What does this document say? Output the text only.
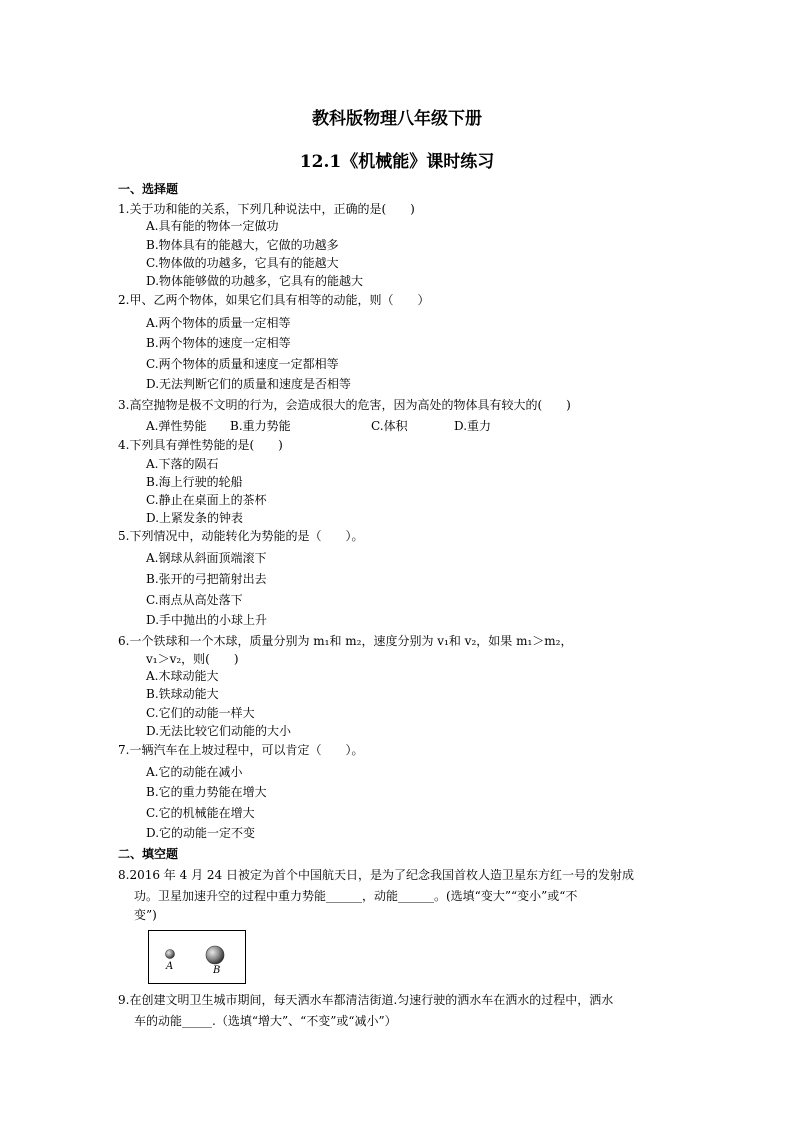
教科版物理八年级下册
12.1《机械能》课时练习
一、选择题
1.关于功和能的关系，下列几种说法中，正确的是(　　)
A.具有能的物体一定做功
B.物体具有的能越大，它做的功越多
C.物体做的功越多，它具有的能越大
D.物体能够做的功越多，它具有的能越大
2.甲、乙两个物体，如果它们具有相等的动能，则（　　）
A.两个物体的质量一定相等
B.两个物体的速度一定相等
C.两个物体的质量和速度一定都相等
D.无法判断它们的质量和速度是否相等
3.高空抛物是极不文明的行为，会造成很大的危害，因为高处的物体具有较大的(　　)
A.弹性势能 B.重力势能	C.体积	D.重力
4.下列具有弹性势能的是(　　)
A.下落的陨石
B.海上行驶的轮船
C.静止在桌面上的茶杯
D.上紧发条的钟表
5.下列情况中，动能转化为势能的是（　　）。
A.钢球从斜面顶端滚下
B.张开的弓把箭射出去
C.雨点从高处落下
D.手中抛出的小球上升
6.一个铁球和一个木球，质量分别为 m₁和 m₂，速度分别为 v₁和 v₂，如果 m₁＞m₂，
v₁＞v₂，则(　　)
A.木球动能大
B.铁球动能大
C.它们的动能一样大
D.无法比较它们动能的大小
7.一辆汽车在上坡过程中，可以肯定（　　）。
A.它的动能在减小
B.它的重力势能在增大
C.它的机械能在增大
D.它的动能一定不变
二、填空题
8.2016 年 4 月 24 日被定为首个中国航天日，是为了纪念我国首枚人造卫星东方红一号的发射成
功。卫星加速升空的过程中重力势能______，动能______。(选填“变大”“变小”或“不
变”)
A	B
9.在创建文明卫生城市期间，每天洒水车都清洁街道.匀速行驶的洒水车在洒水的过程中，洒水
车的动能_____.（选填“增大”、“不变”或“减小”）
